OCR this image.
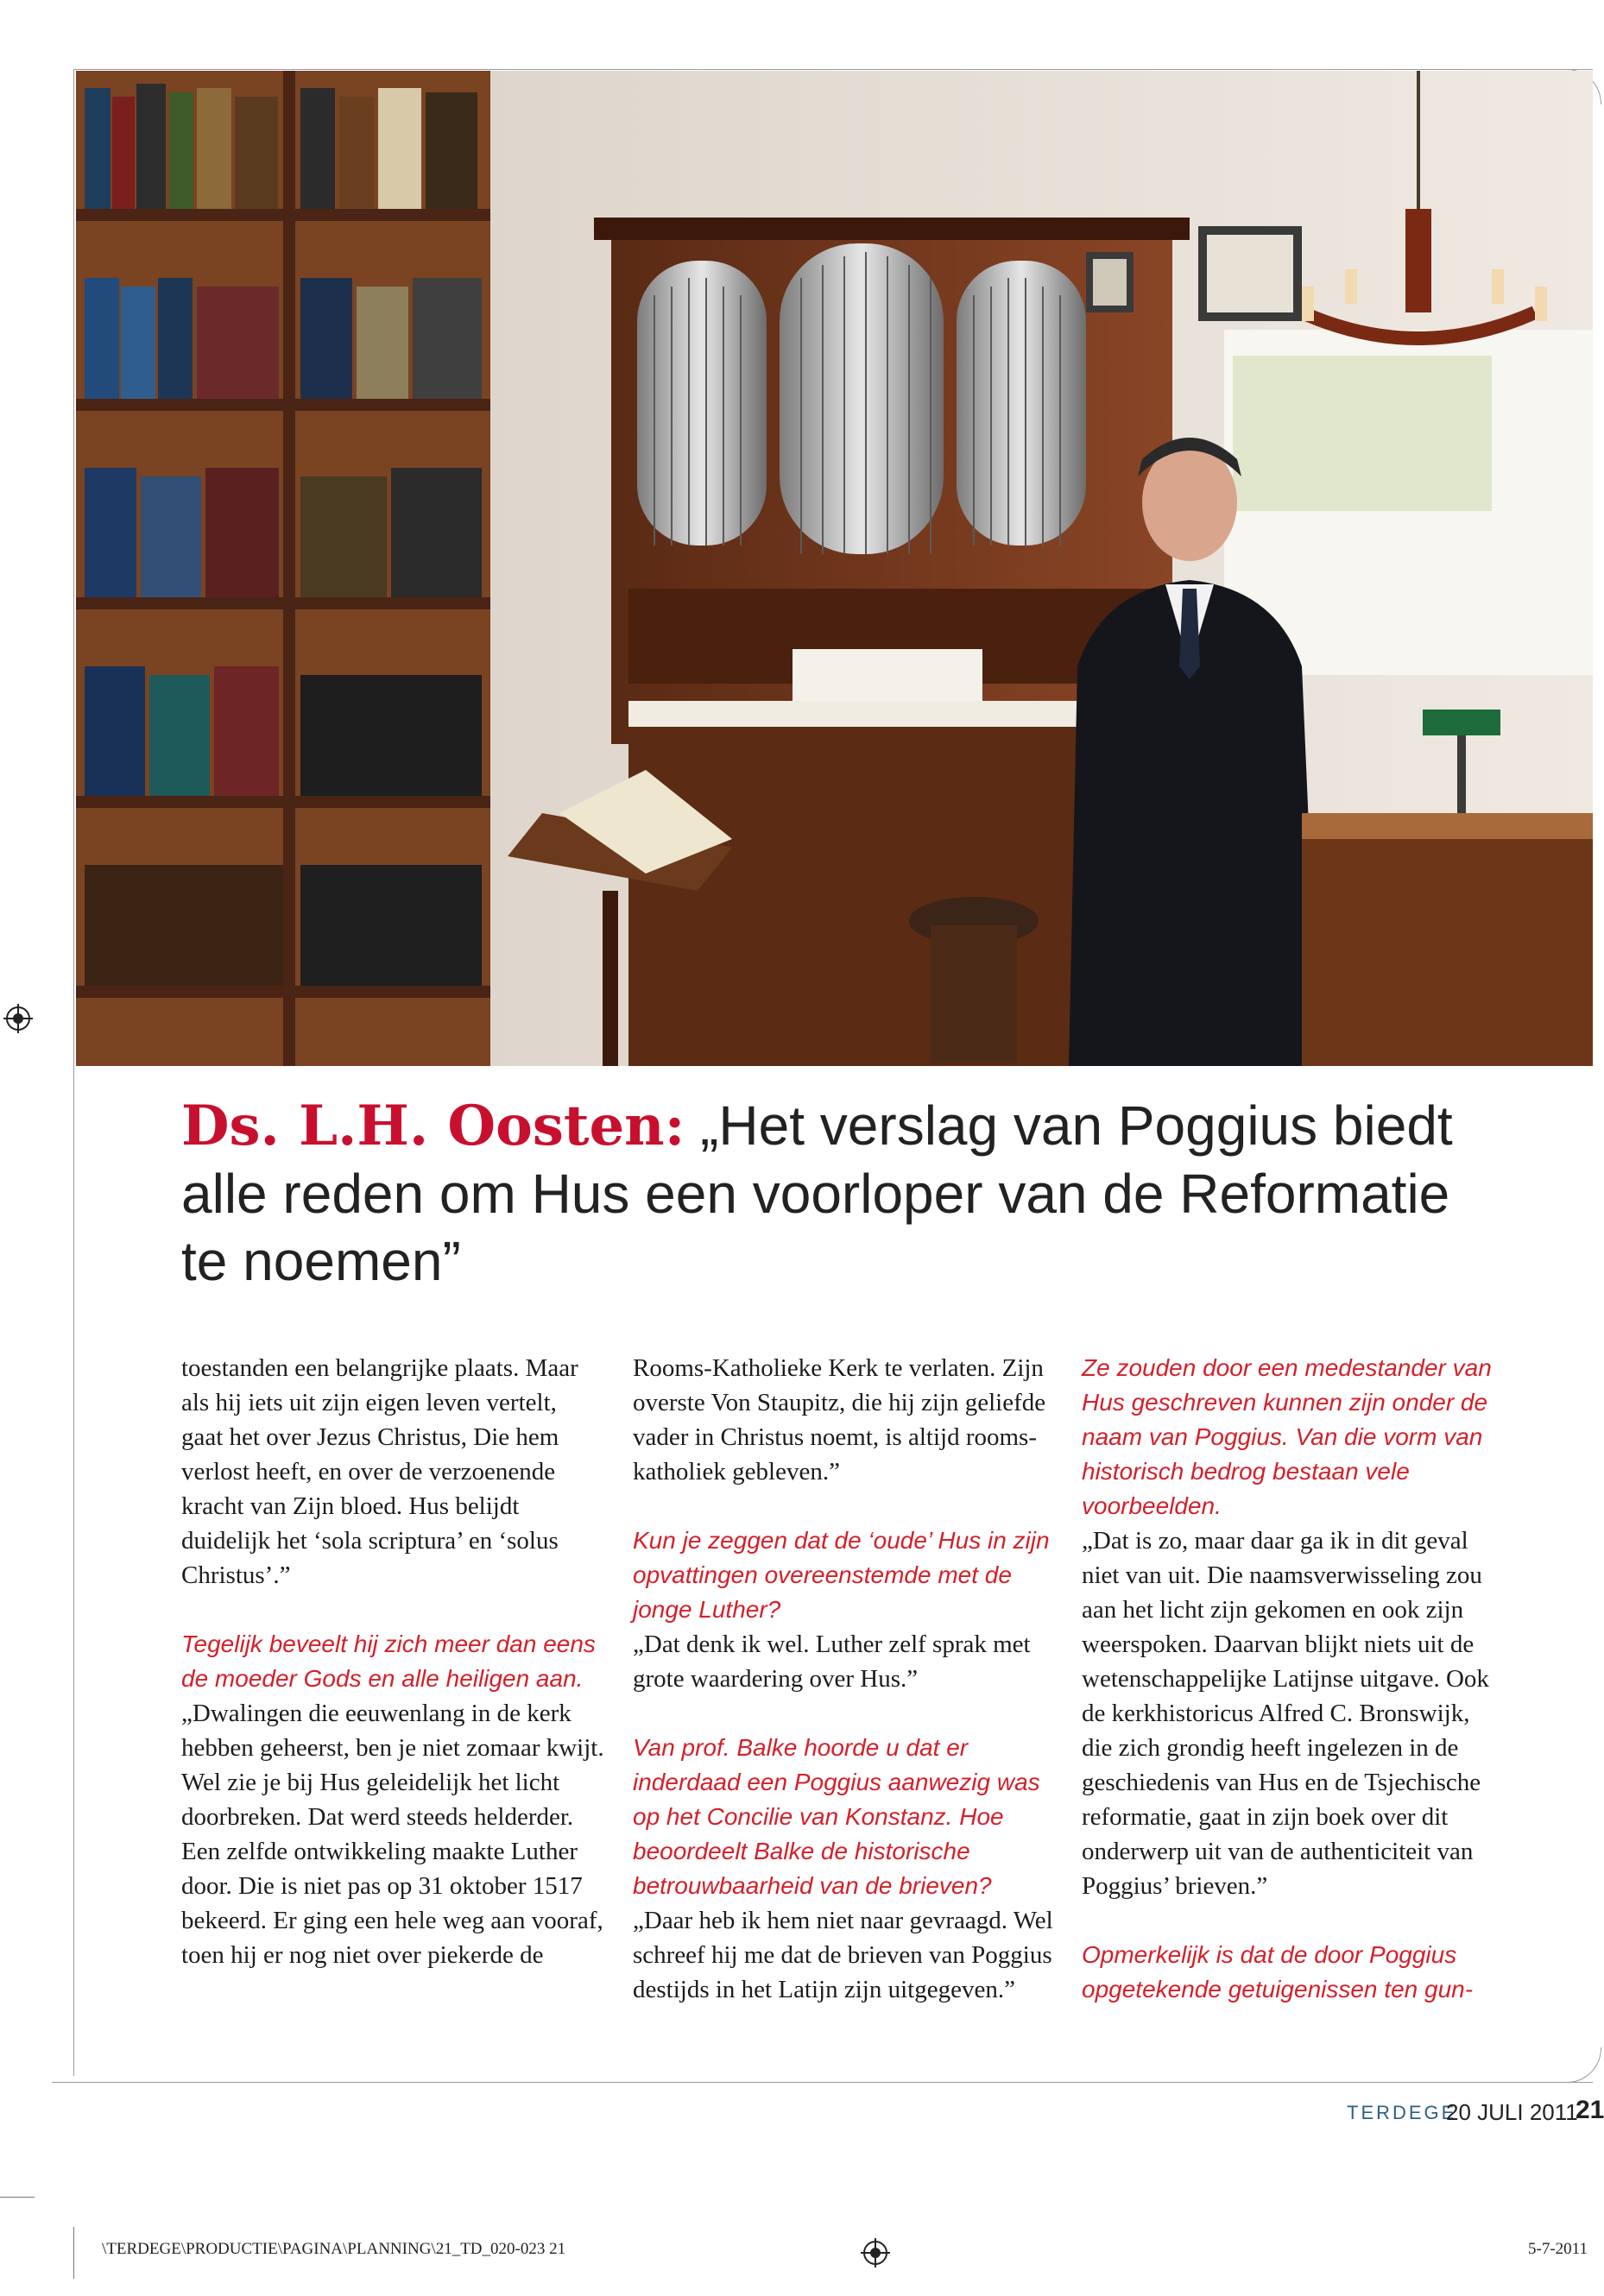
Ds. L.H. Oosten: „Het verslag van Poggius biedt alle reden om Hus een voorloper van de Reformatie te noemen”

toestanden een belangrijke plaats. Maar als hij iets uit zijn eigen leven vertelt, gaat het over Jezus Christus, Die hem verlost heeft, en over de verzoenende kracht van Zijn bloed. Hus belijdt duidelijk het ‘sola scriptura’ en ‘solus Christus’.”

Tegelijk beveelt hij zich meer dan eens de moeder Gods en alle heiligen aan.

„Dwalingen die eeuwenlang in de kerk hebben geheerst, ben je niet zomaar kwijt. Wel zie je bij Hus geleidelijk het licht doorbreken. Dat werd steeds helderder. Een zelfde ontwikkeling maakte Luther door. Die is niet pas op 31 oktober 1517 bekeerd. Er ging een hele weg aan vooraf, toen hij er nog niet over piekerde de

Rooms-Katholieke Kerk te verlaten. Zijn overste Von Staupitz, die hij zijn geliefde vader in Christus noemt, is altijd rooms-katholiek gebleven.”

Kun je zeggen dat de ‘oude’ Hus in zijn opvattingen overeenstemde met de jonge Luther?

„Dat denk ik wel. Luther zelf sprak met grote waardering over Hus.”

Van prof. Balke hoorde u dat er inderdaad een Poggius aanwezig was op het Concilie van Konstanz. Hoe beoordeelt Balke de historische betrouwbaarheid van de brieven?

„Daar heb ik hem niet naar gevraagd. Wel schreef hij me dat de brieven van Poggius destijds in het Latijn zijn uitgegeven.”

Ze zouden door een medestander van Hus geschreven kunnen zijn onder de naam van Poggius. Van die vorm van historisch bedrog bestaan vele voorbeelden.

„Dat is zo, maar daar ga ik in dit geval niet van uit. Die naamsverwisseling zou aan het licht zijn gekomen en ook zijn weerspoken. Daarvan blijkt niets uit de wetenschappelijke Latijnse uitgave. Ook de kerkhistoricus Alfred C. Bronswijk, die zich grondig heeft ingelezen in de geschiedenis van Hus en de Tsjechische reformatie, gaat in zijn boek over dit onderwerp uit van de authenticiteit van Poggius’ brieven.”

Opmerkelijk is dat de door Poggius opgetekende getuigenissen ten gun-

TERDEGE
20 JULI 2011
21
\TERDEGE\PRODUCTIE\PAGINA\PLANNING\21_TD_020-023 21	5-7-2011
